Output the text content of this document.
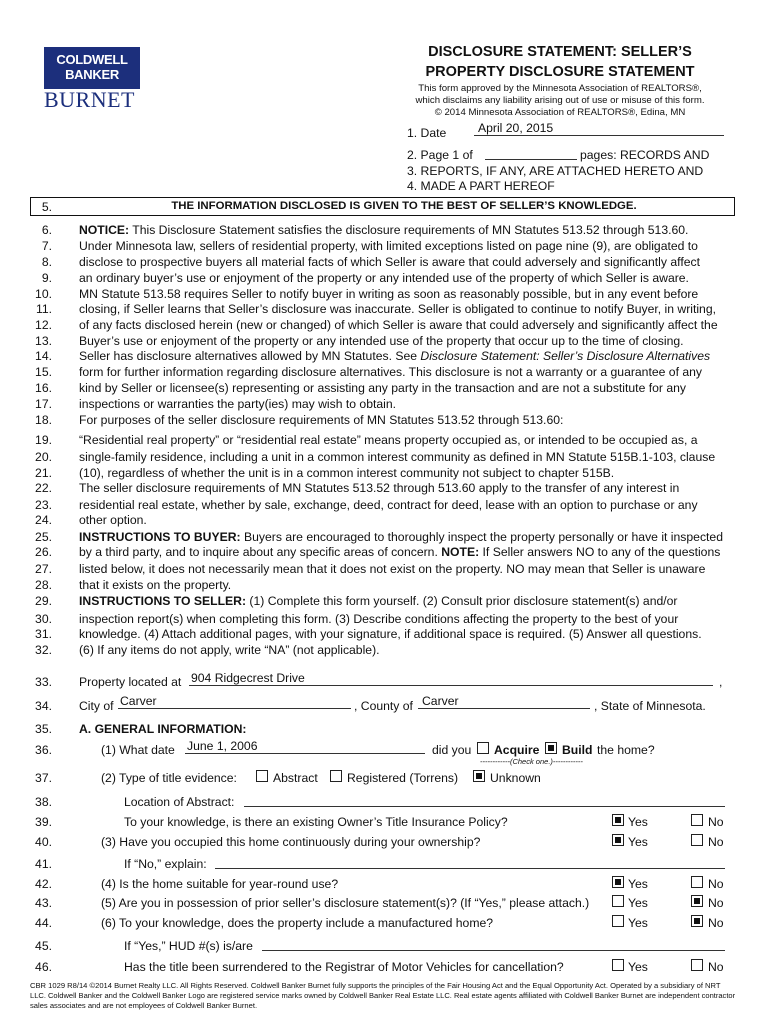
COLDWELL
BANKER
BURNET
DISCLOSURE STATEMENT: SELLER’S
PROPERTY DISCLOSURE STATEMENT
This form approved by the Minnesota Association of REALTORS®,
which disclaims any liability arising out of use or misuse of this form.
© 2014 Minnesota Association of REALTORS®, Edina, MN
1. Date	April 20, 2015
2. Page 1 of	pages: RECORDS AND
3. REPORTS, IF ANY, ARE ATTACHED HERETO AND
4. MADE A PART HEREOF
5.	THE INFORMATION DISCLOSED IS GIVEN TO THE BEST OF SELLER’S KNOWLEDGE.
6. NOTICE: This Disclosure Statement satisfies the disclosure requirements of MN Statutes 513.52 through 513.60.
7. Under Minnesota law, sellers of residential property, with limited exceptions listed on page nine (9), are obligated to
8. disclose to prospective buyers all material facts of which Seller is aware that could adversely and significantly affect
9. an ordinary buyer’s use or enjoyment of the property or any intended use of the property of which Seller is aware.
10. MN Statute 513.58 requires Seller to notify buyer in writing as soon as reasonably possible, but in any event before
11. closing, if Seller learns that Seller’s disclosure was inaccurate. Seller is obligated to continue to notify Buyer, in writing,
12. of any facts disclosed herein (new or changed) of which Seller is aware that could adversely and significantly affect the
13. Buyer’s use or enjoyment of the property or any intended use of the property that occur up to the time of closing.
14. Seller has disclosure alternatives allowed by MN Statutes. See Disclosure Statement: Seller’s Disclosure Alternatives
15. form for further information regarding disclosure alternatives. This disclosure is not a warranty or a guarantee of any
16. kind by Seller or licensee(s) representing or assisting any party in the transaction and are not a substitute for any
17. inspections or warranties the party(ies) may wish to obtain.
18. For purposes of the seller disclosure requirements of MN Statutes 513.52 through 513.60:
19. “Residential real property” or “residential real estate” means property occupied as, or intended to be occupied as, a
20. single-family residence, including a unit in a common interest community as defined in MN Statute 515B.1-103, clause
21. (10), regardless of whether the unit is in a common interest community not subject to chapter 515B.
22. The seller disclosure requirements of MN Statutes 513.52 through 513.60 apply to the transfer of any interest in
23. residential real estate, whether by sale, exchange, deed, contract for deed, lease with an option to purchase or any
24. other option.
25. INSTRUCTIONS TO BUYER: Buyers are encouraged to thoroughly inspect the property personally or have it inspected
26. by a third party, and to inquire about any specific areas of concern. NOTE: If Seller answers NO to any of the questions
27. listed below, it does not necessarily mean that it does not exist on the property. NO may mean that Seller is unaware
28. that it exists on the property.
29. INSTRUCTIONS TO SELLER: (1) Complete this form yourself. (2) Consult prior disclosure statement(s) and/or
30. inspection report(s) when completing this form. (3) Describe conditions affecting the property to the best of your
31. knowledge. (4) Attach additional pages, with your signature, if additional space is required. (5) Answer all questions.
32. (6) If any items do not apply, write “NA” (not applicable).
33. Property located at 904 Ridgecrest Drive	,
34. City of Carver	, County of Carver	, State of Minnesota.
35. A. GENERAL INFORMATION:
36.	(1) What date June 1, 2006	did you Acquire Build the home?
------------(Check one.)------------
37.	(2) Type of title evidence:	Abstract Registered (Torrens)	Unknown
38.	Location of Abstract:
39.	To your knowledge, is there an existing Owner’s Title Insurance Policy?	Yes	No
40.	(3) Have you occupied this home continuously during your ownership?	Yes	No
41.	If “No,” explain:
42.	(4) Is the home suitable for year-round use?	Yes	No
43.	(5) Are you in possession of prior seller’s disclosure statement(s)? (If “Yes,” please attach.)	Yes	No
44.	(6) To your knowledge, does the property include a manufactured home?	Yes	No
45.	If “Yes,” HUD #(s) is/are
46.	Has the title been surrendered to the Registrar of Motor Vehicles for cancellation?	Yes	No
CBR 1029 R8/14 ©2014 Burnet Realty LLC. All Rights Reserved. Coldwell Banker Burnet fully supports the principles of the Fair Housing Act and the Equal Opportunity Act. Operated by a subsidiary of NRT
LLC. Coldwell Banker and the Coldwell Banker Logo are registered service marks owned by Coldwell Banker Real Estate LLC. Real estate agents affiliated with Coldwell Banker Burnet are independent contractor
sales associates and are not employees of Coldwell Banker Burnet.
